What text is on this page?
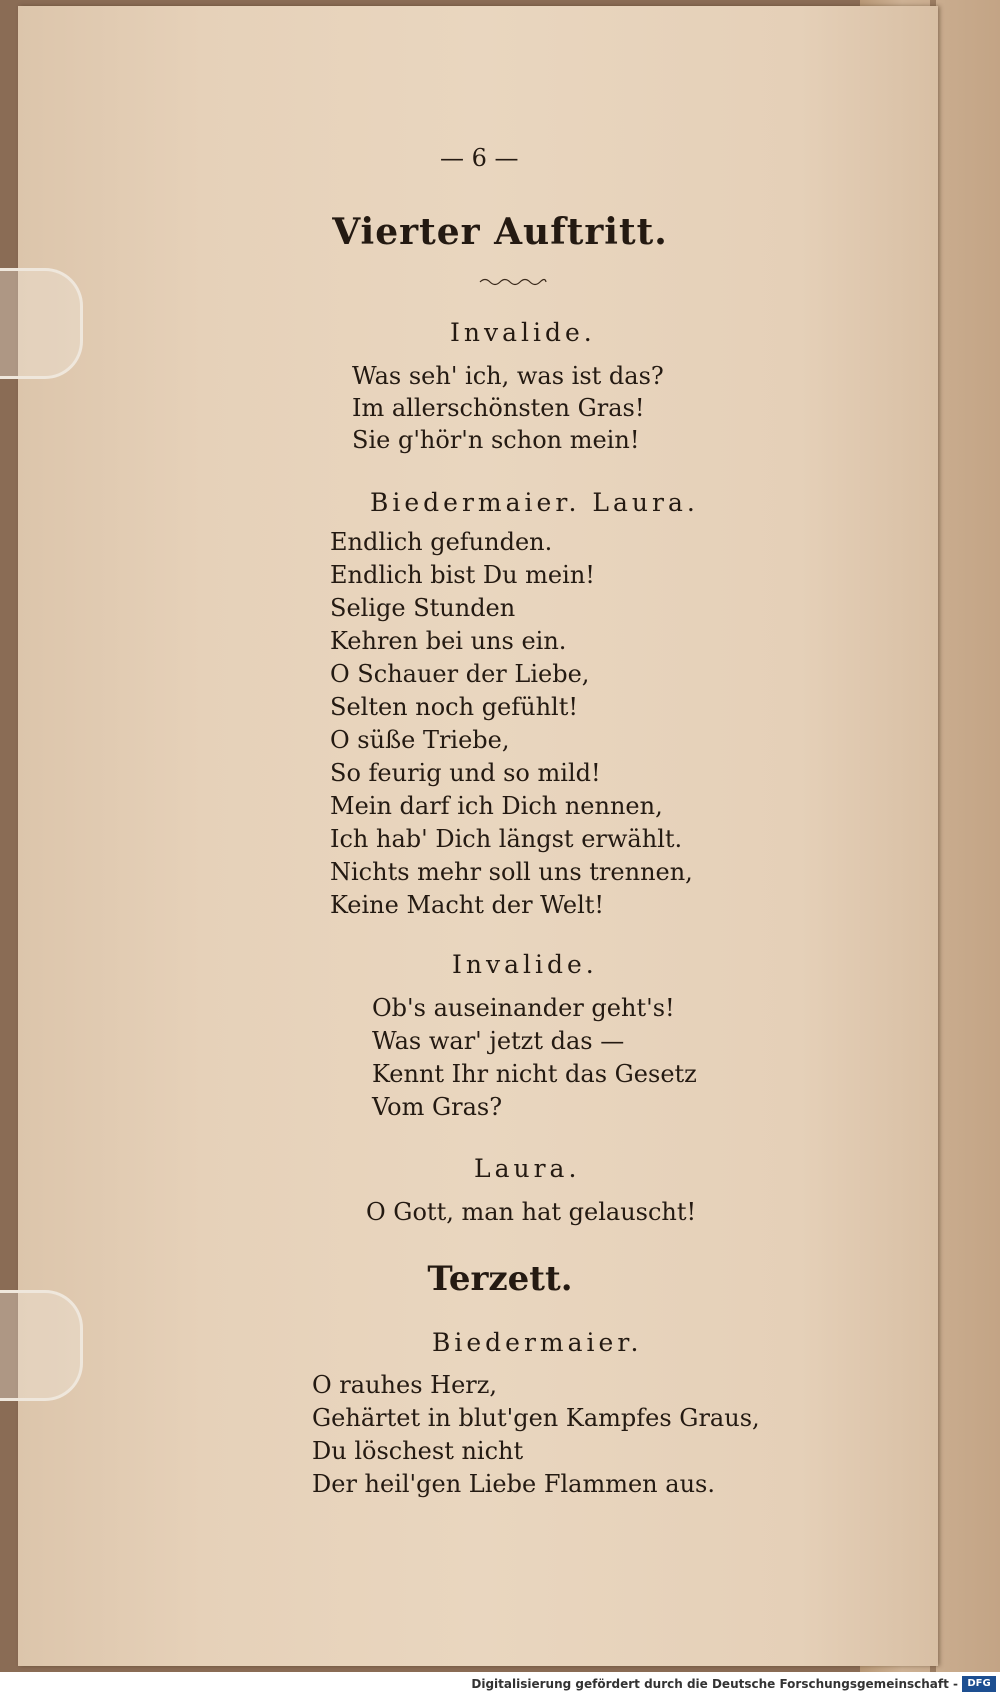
— 6 —
Vierter Auftritt.
Invalide.
Was seh' ich, was ist das?
Im allerschönsten Gras!
Sie g'hör'n schon mein!
Biedermaier. Laura.
Endlich gefunden.
Endlich bist Du mein!
Selige Stunden
Kehren bei uns ein.
O Schauer der Liebe,
Selten noch gefühlt!
O süße Triebe,
So feurig und so mild!
Mein darf ich Dich nennen,
Ich hab' Dich längst erwählt.
Nichts mehr soll uns trennen,
Keine Macht der Welt!
Invalide.
Ob's auseinander geht's!
Was war' jetzt das —
Kennt Ihr nicht das Gesetz
Vom Gras?
Laura.
O Gott, man hat gelauscht!
Terzett.
Biedermaier.
O rauhes Herz,
Gehärtet in blut'gen Kampfes Graus,
Du löschest nicht
Der heil'gen Liebe Flammen aus.
Digitalisierung gefördert durch die Deutsche Forschungsgemeinschaft - DFG
